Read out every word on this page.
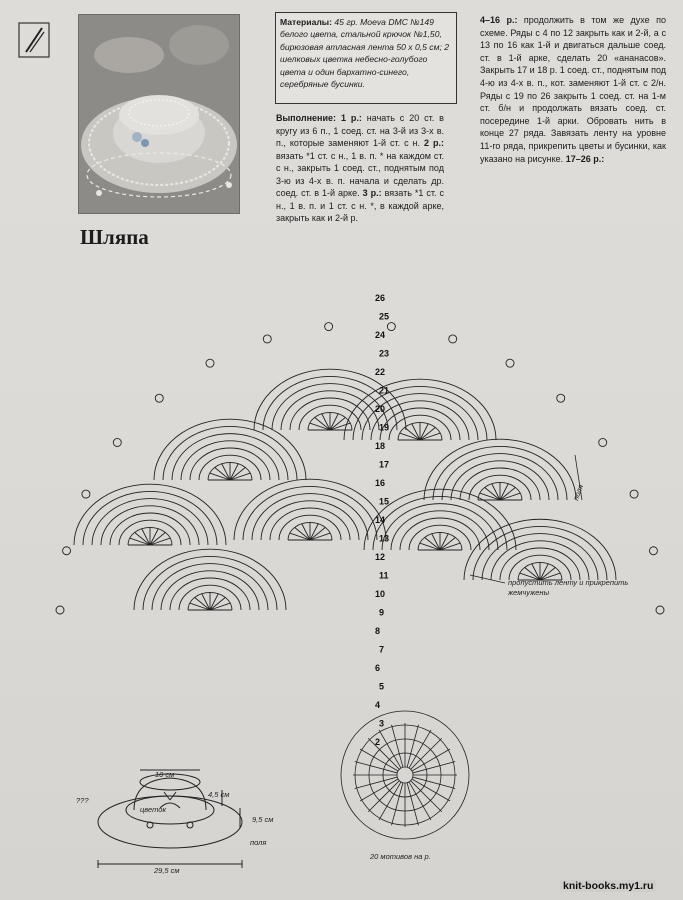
Шляпа
Материалы: 45 гр. Moeva DMC №149 белого цвета, стальной крючок №1,50, бирюзовая атласная лента 50 х 0,5 см; 2 шелковых цветка небесно-голубого цвета и один бархатно-синего, серебряные бусинки.
Выполнение: 1 р.: начать с 20 ст. в кругу из 6 п., 1 соед. ст. на 3-й из 3-х в. п., которые заменяют 1-й ст. с н. 2 р.: вязать *1 ст. с н., 1 в. п. * на каждом ст. с н., закрыть 1 соед. ст., поднятым под 3-ю из 4-х в. п. начала и сделать др. соед. ст. в 1-й арке. 3 р.: вязать *1 ст. с н., 1 в. п. и 1 ст. с н. *, в каждой арке, закрыть как и 2-й р.
4–16 р.: продолжить в том же духе по схеме. Ряды с 4 по 12 закрыть как и 2-й, а с 13 по 16 как 1-й и двигаться дальше соед. ст. в 1-й арке, сделать 20 «ананасов». Закрыть 17 и 18 р. 1 соед. ст., поднятым под 4-ю из 4-х в. п., кот. заменяют 1-й ст. с 2/н. Ряды с 19 по 26 закрыть 1 соед. ст. на 1-м ст. б/н и продолжать вязать соед. ст. посередине 1-й арки. Обровать нить в конце 27 ряда. Завязать ленту на уровне 11-го ряда, прикрепить цветы и бусинки, как указано на рисунке. 17–26 р.:
2
3
4
5
6
7
8
9
10
11
12
13
14
15
16
17
18
19
20
21
22
23
24
25
26
пропустить ленту и прикрепить жемчужены
20 мотивов на р.
поля
10 см
4,5 см
9,5 см
29,5 см
цветок
поля
???
knit-books.my1.ru
